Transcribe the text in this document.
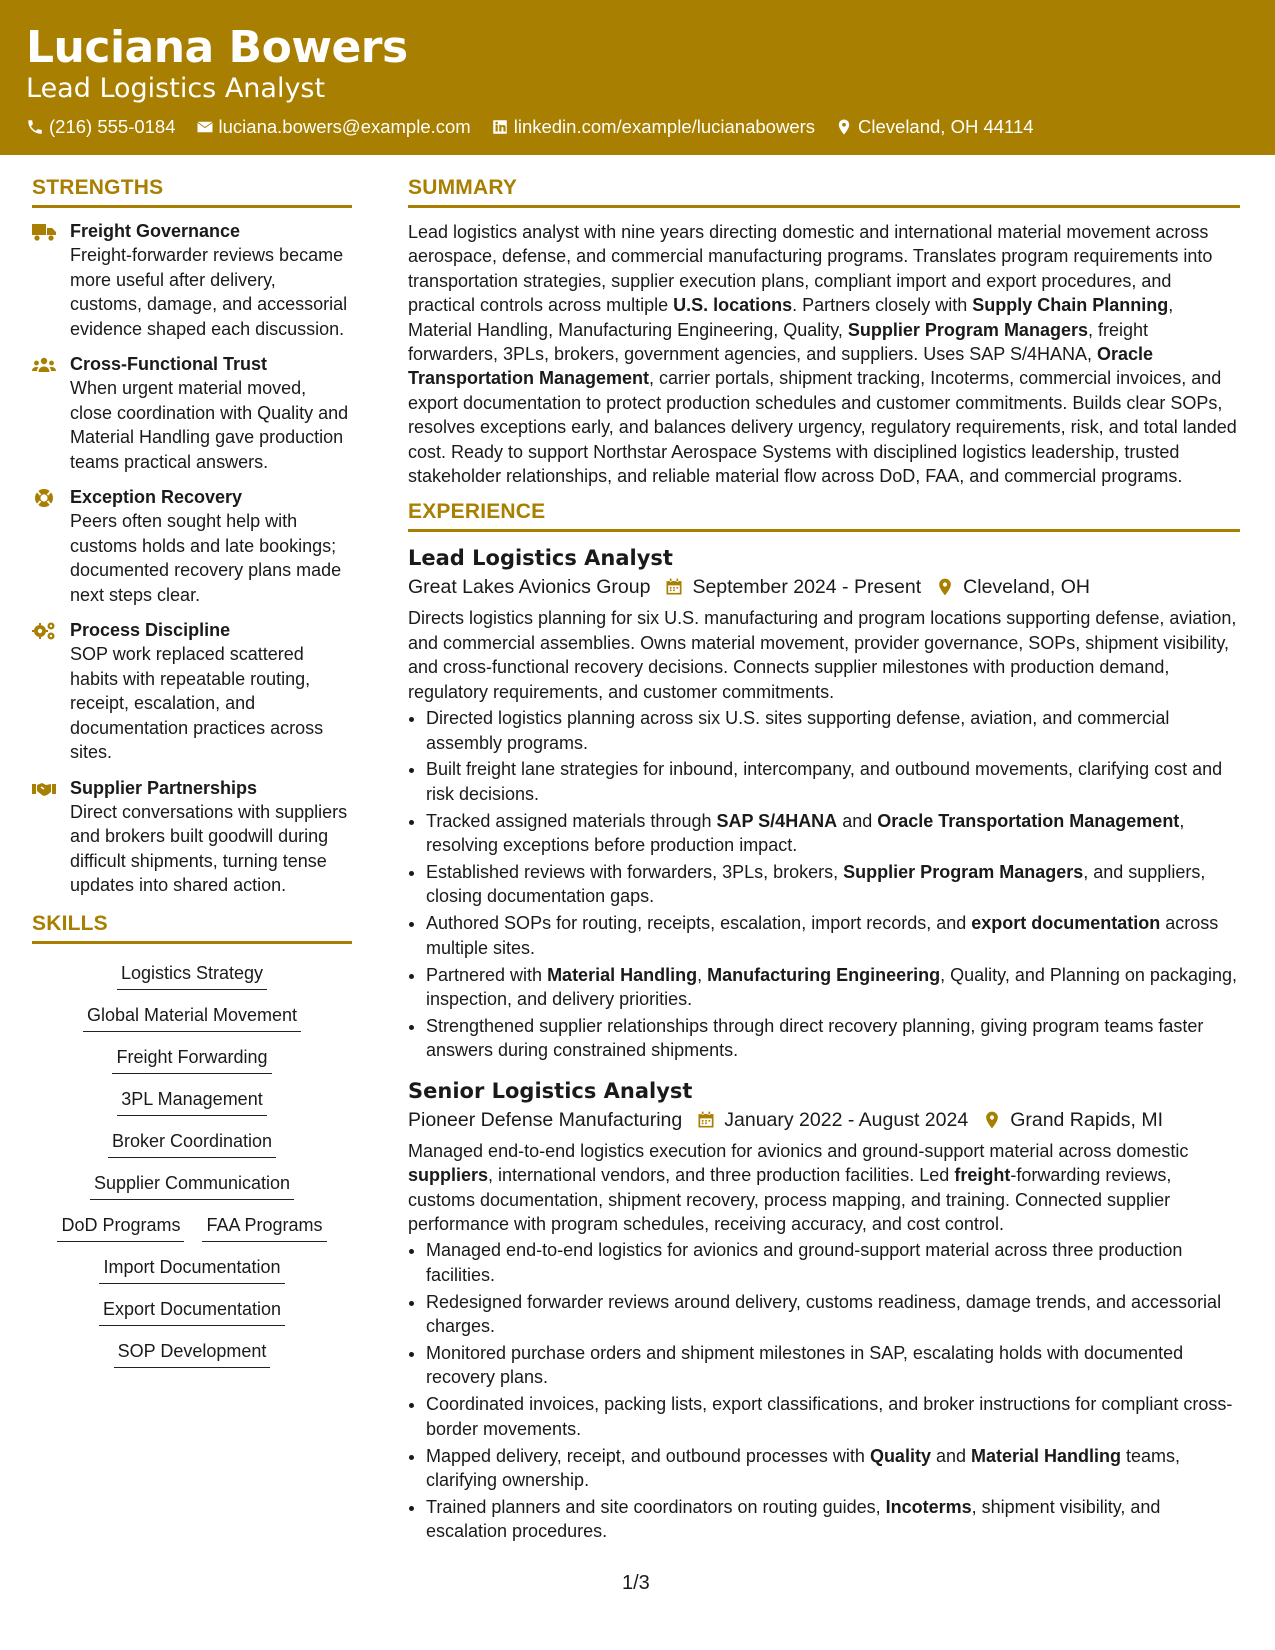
Luciana Bowers
Lead Logistics Analyst
(216) 555-0184 luciana.bowers@example.com linkedin.com/example/lucianabowers Cleveland, OH 44114
STRENGTHS
Freight Governance
Freight-forwarder reviews became more useful after delivery, customs, damage, and accessorial evidence shaped each discussion.
Cross-Functional Trust
When urgent material moved, close coordination with Quality and Material Handling gave production teams practical answers.
Exception Recovery
Peers often sought help with customs holds and late bookings; documented recovery plans made next steps clear.
Process Discipline
SOP work replaced scattered habits with repeatable routing, receipt, escalation, and documentation practices across sites.
Supplier Partnerships
Direct conversations with suppliers and brokers built goodwill during difficult shipments, turning tense updates into shared action.
SKILLS
Logistics Strategy
Global Material Movement
Freight Forwarding
3PL Management
Broker Coordination
Supplier Communication
DoD Programs FAA Programs
Import Documentation
Export Documentation
SOP Development
SUMMARY
Lead logistics analyst with nine years directing domestic and international material movement across aerospace, defense, and commercial manufacturing programs. Translates program requirements into transportation strategies, supplier execution plans, compliant import and export procedures, and practical controls across multiple U.S. locations. Partners closely with Supply Chain Planning, Material Handling, Manufacturing Engineering, Quality, Supplier Program Managers, freight forwarders, 3PLs, brokers, government agencies, and suppliers. Uses SAP S/4HANA, Oracle Transportation Management, carrier portals, shipment tracking, Incoterms, commercial invoices, and export documentation to protect production schedules and customer commitments. Builds clear SOPs, resolves exceptions early, and balances delivery urgency, regulatory requirements, risk, and total landed cost. Ready to support Northstar Aerospace Systems with disciplined logistics leadership, trusted stakeholder relationships, and reliable material flow across DoD, FAA, and commercial programs.
EXPERIENCE
Lead Logistics Analyst
Great Lakes Avionics Group September 2024 - Present Cleveland, OH
Directs logistics planning for six U.S. manufacturing and program locations supporting defense, aviation, and commercial assemblies. Owns material movement, provider governance, SOPs, shipment visibility, and cross-functional recovery decisions. Connects supplier milestones with production demand, regulatory requirements, and customer commitments.
• Directed logistics planning across six U.S. sites supporting defense, aviation, and commercial assembly programs.
• Built freight lane strategies for inbound, intercompany, and outbound movements, clarifying cost and risk decisions.
• Tracked assigned materials through SAP S/4HANA and Oracle Transportation Management, resolving exceptions before production impact.
• Established reviews with forwarders, 3PLs, brokers, Supplier Program Managers, and suppliers, closing documentation gaps.
• Authored SOPs for routing, receipts, escalation, import records, and export documentation across multiple sites.
• Partnered with Material Handling, Manufacturing Engineering, Quality, and Planning on packaging, inspection, and delivery priorities.
• Strengthened supplier relationships through direct recovery planning, giving program teams faster answers during constrained shipments.
Senior Logistics Analyst
Pioneer Defense Manufacturing January 2022 - August 2024 Grand Rapids, MI
Managed end-to-end logistics execution for avionics and ground-support material across domestic suppliers, international vendors, and three production facilities. Led freight-forwarding reviews, customs documentation, shipment recovery, process mapping, and training. Connected supplier performance with program schedules, receiving accuracy, and cost control.
• Managed end-to-end logistics for avionics and ground-support material across three production facilities.
• Redesigned forwarder reviews around delivery, customs readiness, damage trends, and accessorial charges.
• Monitored purchase orders and shipment milestones in SAP, escalating holds with documented recovery plans.
• Coordinated invoices, packing lists, export classifications, and broker instructions for compliant cross-border movements.
• Mapped delivery, receipt, and outbound processes with Quality and Material Handling teams, clarifying ownership.
• Trained planners and site coordinators on routing guides, Incoterms, shipment visibility, and escalation procedures.
1/3
